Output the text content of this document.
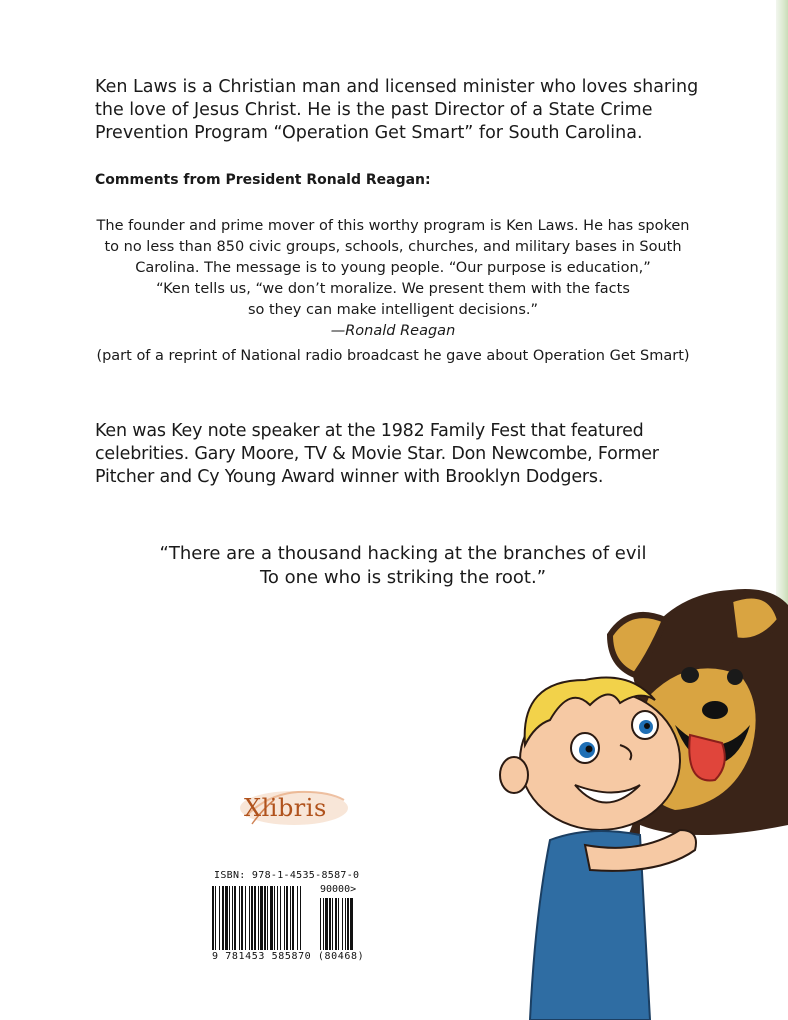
Ken Laws is a Christian man and licensed minister who loves sharing the love of Jesus Christ. He is the past Director of a State Crime Prevention Program “Operation Get Smart” for South Carolina.

Comments from President Ronald Reagan:

The founder and prime mover of this worthy program is Ken Laws. He has spoken

to no less than 850 civic groups, schools, churches, and military bases in South

Carolina. The message is to young people. “Our purpose is education,”

“Ken tells us, “we don’t moralize. We present them with the facts

so they can make intelligent decisions.”

—Ronald Reagan

(part of a reprint of National radio broadcast he gave about Operation Get Smart)

Ken was Key note speaker at the 1982 Family Fest that featured celebrities. Gary Moore, TV & Movie Star. Don Newcombe, Former Pitcher and Cy Young Award winner with Brooklyn Dodgers.

“There are a thousand hacking at the branches of evil

To one who is striking the root.”

Xlibris
ISBN: 978-1-4535-8587-0
90000>
9 781453 585870 (80468)
